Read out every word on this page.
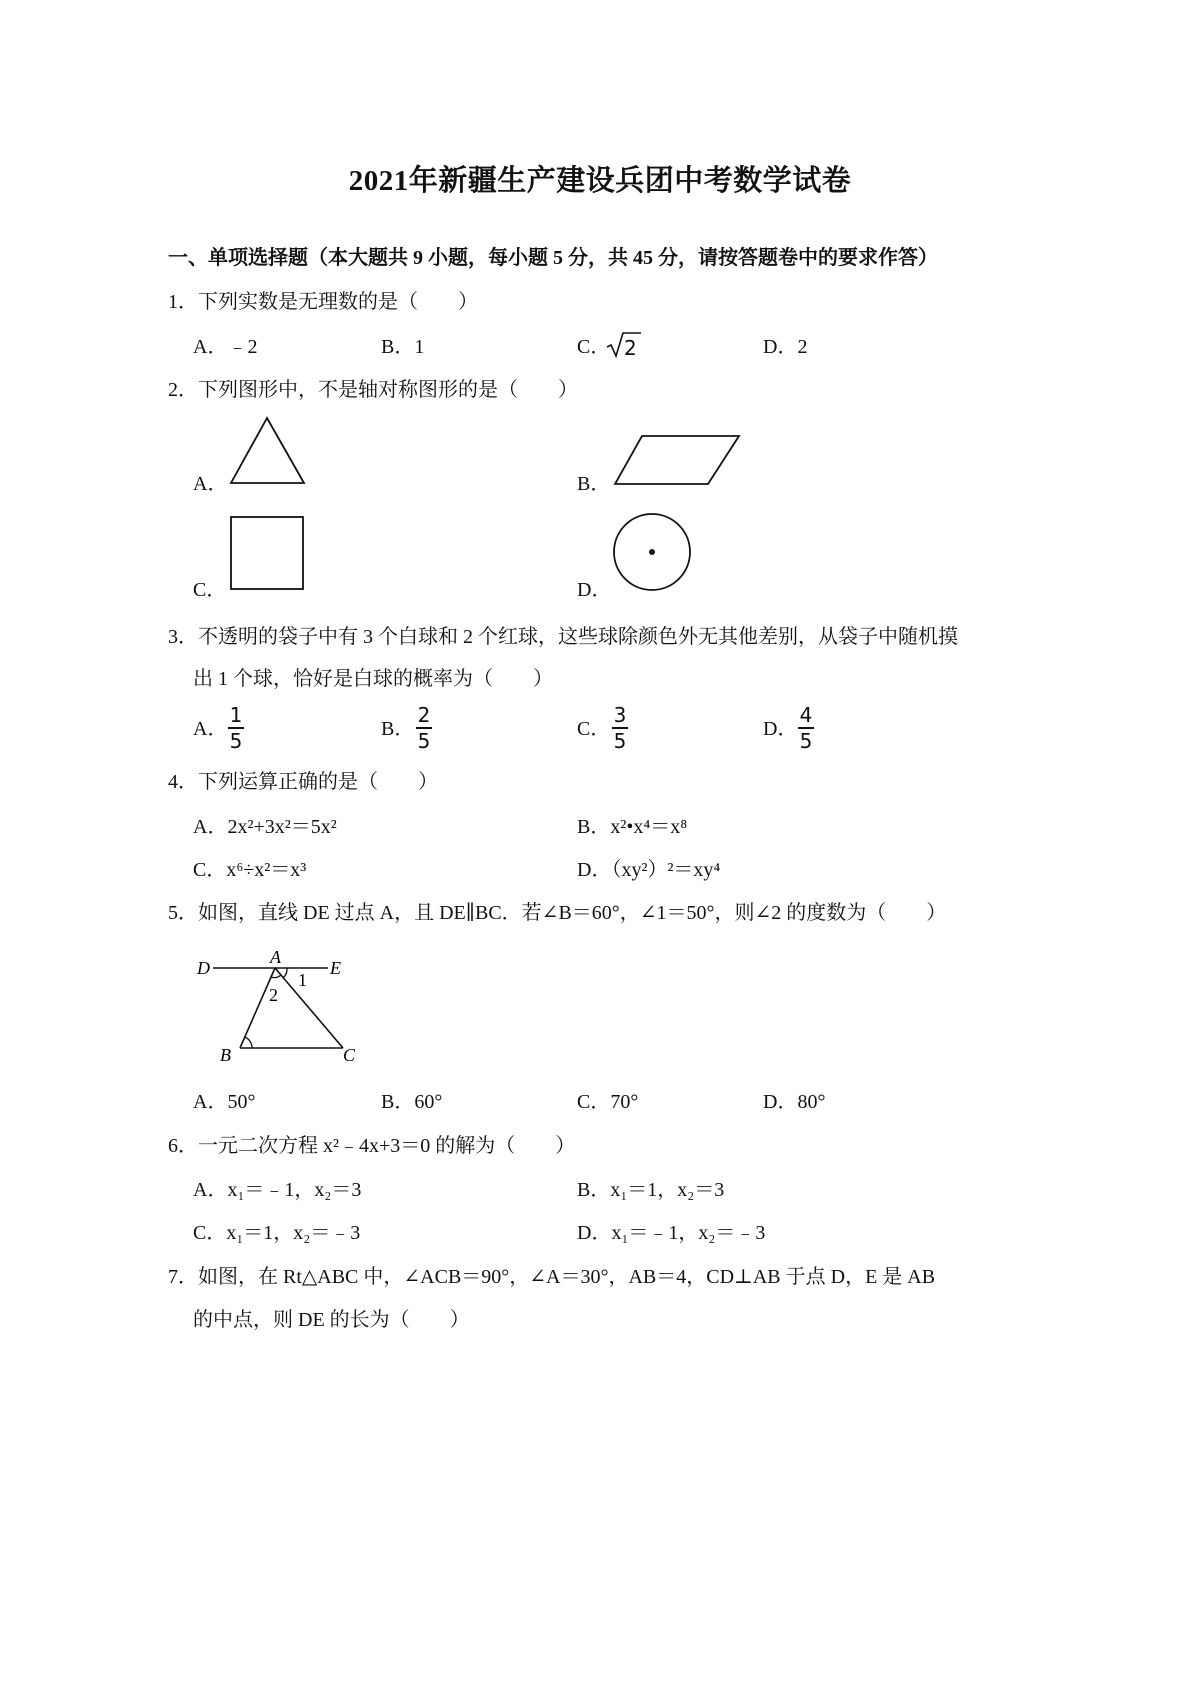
2021年新疆生产建设兵团中考数学试卷
一、单项选择题（本大题共 9 小题，每小题 5 分，共 45 分，请按答题卷中的要求作答）
1．下列实数是无理数的是（　　）
A．﹣2	B．1	C． 2	D．2
2．下列图形中，不是轴对称图形的是（　　）
A．	B．
C．	D．
3．不透明的袋子中有 3 个白球和 2 个红球，这些球除颜色外无其他差别，从袋子中随机摸
出 1 个球，恰好是白球的概率为（　　）
A．
1
5	B．
2
5	C．
3
5	D．
4
5
4．下列运算正确的是（　　）
A．2x²+3x²＝5x²	B．x²•x⁴＝x⁸
C．x⁶÷x²＝x³	D．（xy²）²＝xy⁴
5．如图，直线 DE 过点 A，且 DE∥BC．若∠B＝60°，∠1＝50°，则∠2 的度数为（　　）
D
A
E
1
2
B	C
A．50°	B．60°	C．70°	D．80°
6．一元二次方程 x²﹣4x+3＝0 的解为（　　）
A．x₁＝﹣1，x₂＝3	B．x₁＝1，x₂＝3
C．x₁＝1，x₂＝﹣3	D．x₁＝﹣1，x₂＝﹣3
7．如图，在 Rt△ABC 中，∠ACB＝90°，∠A＝30°，AB＝4，CD⊥AB 于点 D，E 是 AB
的中点，则 DE 的长为（　　）
